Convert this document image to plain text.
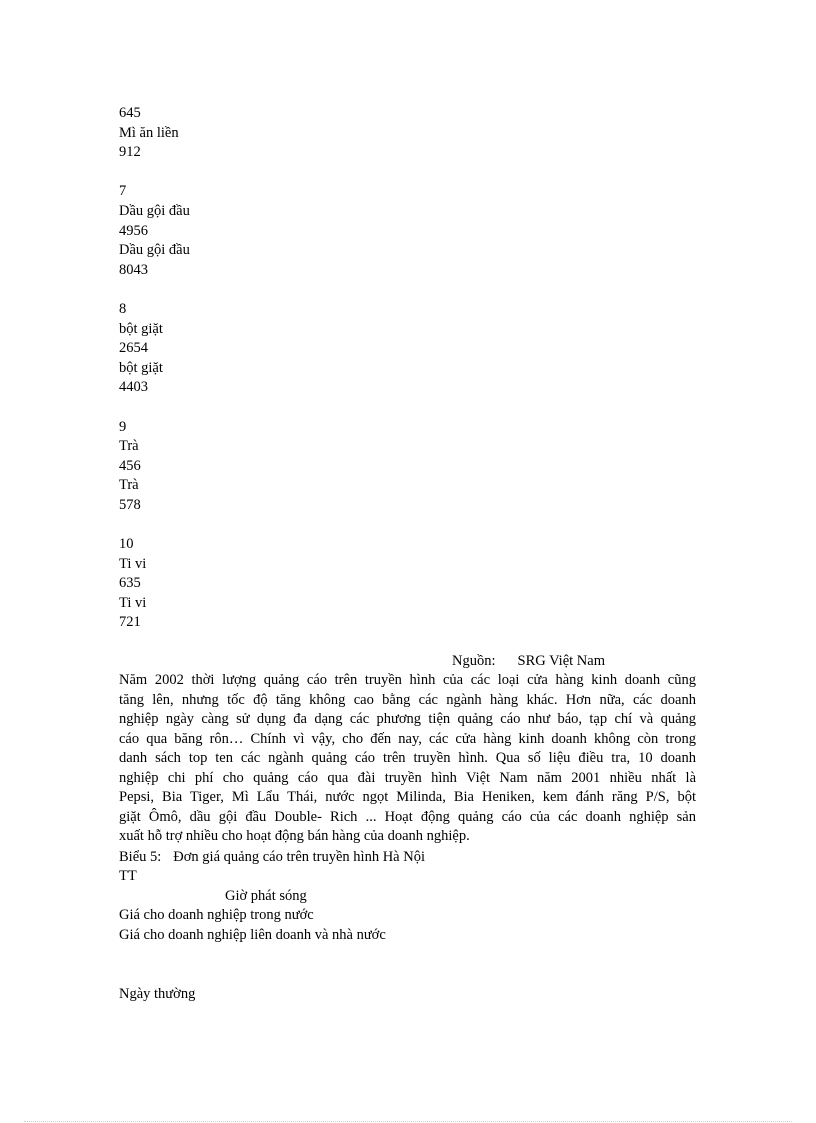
645
Mì ăn liền
912
7
Dầu gội đầu
4956
Dầu gội đầu
8043
8
bột giặt
2654
bột giặt
4403
9
Trà
456
Trà
578
10
Ti vi
635
Ti vi
721
Nguồn: SRG Việt Nam
Năm 2002 thời lượng quảng cáo trên truyền hình của các loại cửa hàng kinh doanh cũng
tăng lên, nhưng tốc độ tăng không cao bằng các ngành hàng khác. Hơn nữa, các doanh
nghiệp ngày càng sử dụng đa dạng các phương tiện quảng cáo như báo, tạp chí và quảng
cáo qua băng rôn… Chính vì vậy, cho đến nay, các cửa hàng kinh doanh không còn trong
danh sách top ten các ngành quảng cáo trên truyền hình. Qua số liệu điều tra, 10 doanh
nghiệp chi phí cho quảng cáo qua đài truyền hình Việt Nam năm 2001 nhiều nhất là
Pepsi, Bia Tiger, Mì Lẩu Thái, nước ngọt Milinda, Bia Heniken, kem đánh răng P/S, bột
giặt Ômô, dầu gội đầu Double- Rich ... Hoạt động quảng cáo của các doanh nghiệp sản
xuất hỗ trợ nhiều cho hoạt động bán hàng của doanh nghiệp.
Biểu 5: Đơn giá quảng cáo trên truyền hình Hà Nội
TT
Giờ phát sóng
Giá cho doanh nghiệp trong nước
Giá cho doanh nghiệp liên doanh và nhà nước
Ngày thường
